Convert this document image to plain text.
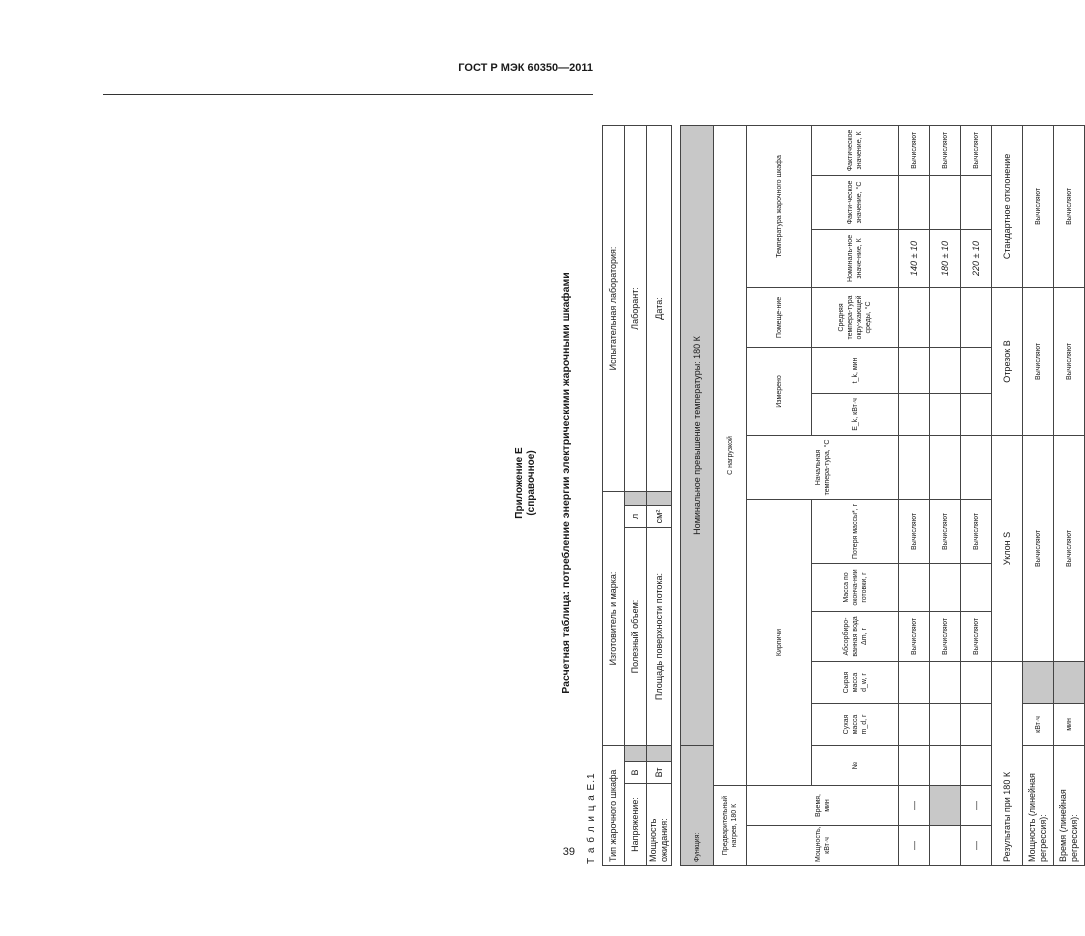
ГОСТ Р МЭК 60350—2011
39
Приложение Е (справочное) Расчетная таблица: потребление энергии электрическими жарочными шкафами
Т а б л и ц а Е.1 Тип жарочного шкафа			Изготовитель и марка:			Испытательная лаборатория:
Напряжение:	В		Полезный объем:	л		Лаборант:
Мощность ожидания:	Вт		Площадь поверхности потока:	см²		Дата:
Функция:			Номинальное превышение температуры: 180 К											
Предварительный нагрев, 180 К		С нагрузкой												
Мощность, кВт·ч	Время, мин	Кирпичи						Начальная темпера-тура, °С	Измерено		Помеще-ние	Температура жарочного шкафа		
		№	Сухая масса m_d, г	Сырая масса d_w, г	Абсорбиро-ванная вода Δm, г	Масса по оконча-нии готовки, г	Потеря массы*, г		E_k, кВт·ч	t_k, мин	Средняя темпера-тура окру-жающей среды, °С	Номиналь-ное значе-ние, К	Факти-ческое значение, °С	Фактическое значение, К
—	—				Вычисляют		Вычисляют					140 ± 10		Вычисляют
					Вычисляют		Вычисляют					180 ± 10		Вычисляют
—	—				Вычисляют		Вычисляют					220 ± 10		Вычисляют
Результаты при 180 К					Уклон S				Отрезок B			Стандартное отклонение		
Мощность (линейная регрессия):			кВт·ч		Вычисляют				Вычисляют			Вычисляют		
Время (линейная регрессия):			мин		Вычисляют				Вычисляют			Вычисляют		
